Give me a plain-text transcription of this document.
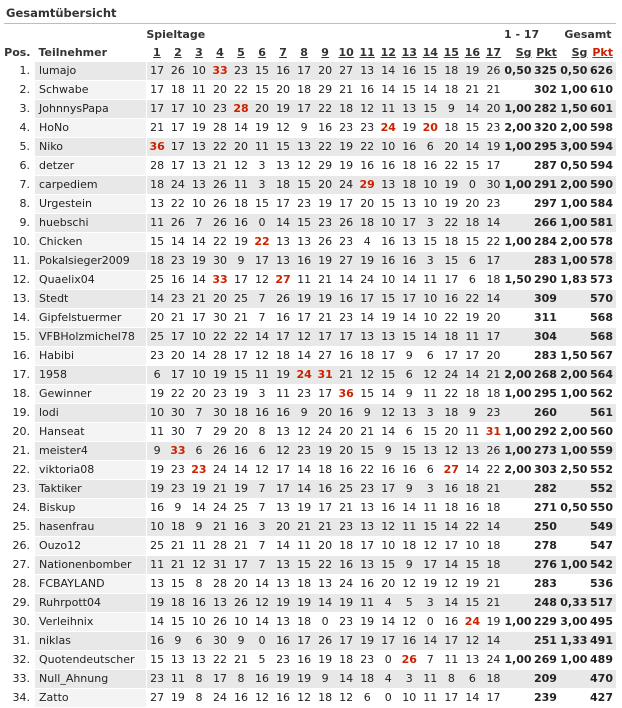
Gesamtübersicht
		Spieltage																	1 - 17		Gesamt	
Pos.	Teilnehmer	1	2	3	4	5	6	7	8	9	10	11	12	13	14	15	16	17	Sg	Pkt	Sg	Pkt
1.	lumajo	17	26	10	33	23	15	16	17	20	27	13	14	16	15	18	19	26	0,50	325	0,50	626
2.	Schwabe	17	18	11	20	22	15	20	18	29	21	16	14	15	14	18	21	21		302	1,00	610
3.	JohnnysPapa	17	17	10	23	28	20	19	17	22	18	12	11	13	15	9	14	20	1,00	282	1,50	601
4.	HoNo	21	17	19	28	14	19	12	9	16	23	23	24	19	20	18	15	23	2,00	320	2,00	598
5.	Niko	36	17	13	22	20	11	15	13	22	19	22	10	16	6	20	14	19	1,00	295	3,00	594
6.	detzer	28	17	13	21	12	3	13	12	29	19	16	16	18	16	22	15	17		287	0,50	594
7.	carpediem	18	24	13	26	11	3	18	15	20	24	29	13	18	10	19	0	30	1,00	291	2,00	590
8.	Urgestein	13	22	10	26	18	15	17	23	19	17	20	15	13	10	19	20	23		297	1,00	584
9.	huebschi	11	26	7	26	16	0	14	15	23	26	18	10	17	3	22	18	14		266	1,00	581
10.	Chicken	15	14	14	22	19	22	13	13	26	23	4	16	13	15	18	15	22	1,00	284	2,00	578
11.	Pokalsieger2009	18	23	19	30	9	17	13	16	19	27	19	16	16	3	15	6	17		283	1,00	578
12.	Quaelix04	25	16	14	33	17	12	27	11	21	14	24	10	14	11	17	6	18	1,50	290	1,83	573
13.	Stedt	14	23	21	20	25	7	26	19	19	16	17	15	17	10	16	22	14		309		570
14.	Gipfelstuermer	20	21	17	30	21	7	16	17	21	23	14	19	14	10	22	19	20		311		568
15.	VFBHolzmichel78	25	17	10	22	22	14	17	12	17	17	13	13	15	14	18	11	17		304		568
16.	Habibi	23	20	14	28	17	12	18	14	27	16	18	17	9	6	17	17	20		283	1,50	567
17.	1958	6	17	10	19	15	11	19	24	31	21	12	15	6	12	24	14	21	2,00	268	2,00	564
18.	Gewinner	19	22	20	23	19	3	11	23	17	36	15	14	9	11	22	18	18	1,00	295	1,00	562
19.	lodi	10	30	7	30	18	16	16	9	20	16	9	12	13	3	18	9	23		260		561
20.	Hanseat	11	30	7	29	20	8	13	12	24	20	21	14	6	15	20	11	31	1,00	292	2,00	560
21.	meister4	9	33	6	26	16	6	12	23	19	20	15	9	15	13	12	13	26	1,00	273	1,00	559
22.	viktoria08	19	23	23	24	14	12	17	14	18	16	22	16	16	6	27	14	22	2,00	303	2,50	552
23.	Taktiker	19	23	19	21	19	7	17	14	16	25	23	17	9	3	16	18	21		282		552
24.	Biskup	16	9	14	24	25	7	13	19	17	21	13	16	14	11	18	16	18		271	0,50	550
25.	hasenfrau	10	18	9	21	16	3	20	21	21	23	13	12	11	15	14	22	14		250		549
26.	Ouzo12	25	21	11	28	21	7	14	11	20	18	17	10	18	12	17	10	18		278		547
27.	Nationenbomber	11	21	12	31	17	7	13	15	22	16	13	15	9	17	14	15	18		276	1,00	542
28.	FCBAYLAND	13	15	8	28	20	14	13	18	13	24	16	20	12	19	12	19	21		283		536
29.	Ruhrpott04	19	18	16	13	26	12	19	19	14	19	11	4	5	3	14	15	21		248	0,33	517
30.	Verleihnix	14	15	10	26	10	14	13	18	0	23	19	14	12	0	16	24	19	1,00	229	3,00	495
31.	niklas	16	9	6	30	9	0	16	17	26	17	19	17	16	14	17	12	14		251	1,33	491
32.	Quotendeutscher	15	13	13	22	21	5	23	16	19	18	23	0	26	7	11	13	24	1,00	269	1,00	489
33.	Null_Ahnung	23	11	8	17	8	16	19	19	9	14	18	4	3	11	8	6	18		209		470
34.	Zatto	27	19	8	24	16	12	16	12	18	12	6	0	10	11	17	14	17		239		427
